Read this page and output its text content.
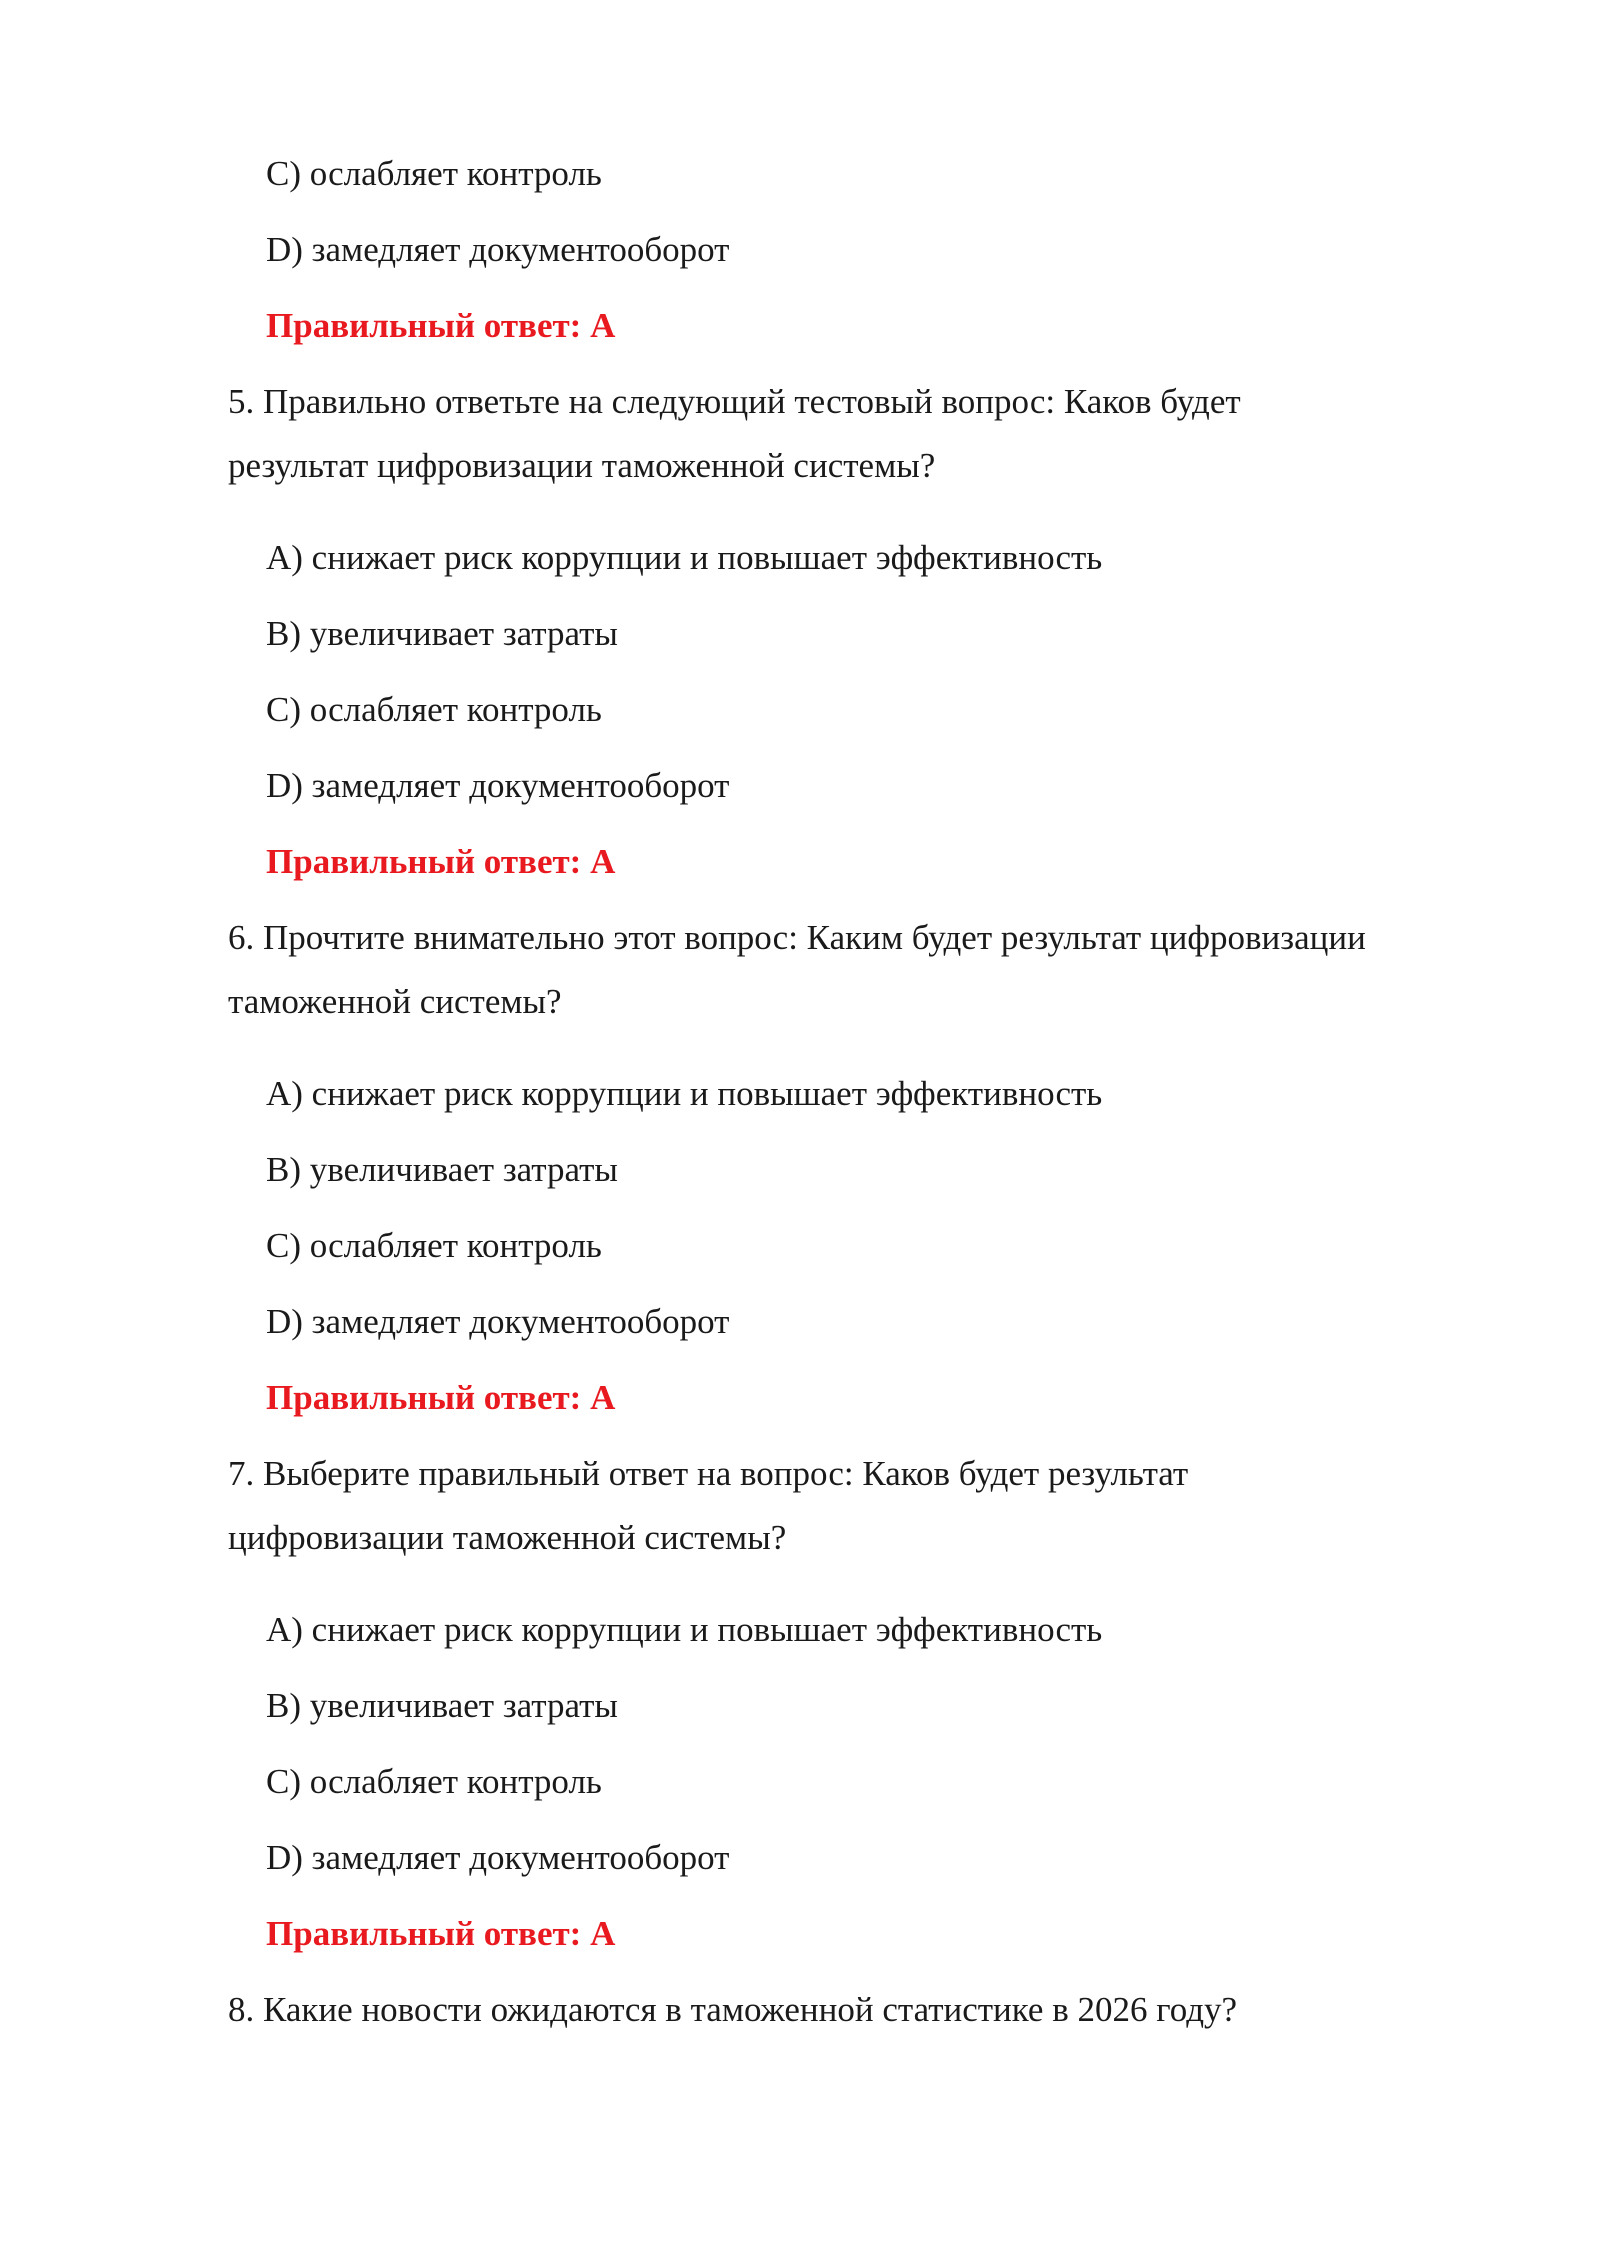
C) ослабляет контроль
D) замедляет документооборот
Правильный ответ: A
5. Правильно ответьте на следующий тестовый вопрос: Каков будет
результат цифровизации таможенной системы?
A) снижает риск коррупции и повышает эффективность
B) увеличивает затраты
C) ослабляет контроль
D) замедляет документооборот
Правильный ответ: A
6. Прочтите внимательно этот вопрос: Каким будет результат цифровизации
таможенной системы?
A) снижает риск коррупции и повышает эффективность
B) увеличивает затраты
C) ослабляет контроль
D) замедляет документооборот
Правильный ответ: A
7. Выберите правильный ответ на вопрос: Каков будет результат
цифровизации таможенной системы?
A) снижает риск коррупции и повышает эффективность
B) увеличивает затраты
C) ослабляет контроль
D) замедляет документооборот
Правильный ответ: A
8. Какие новости ожидаются в таможенной статистике в 2026 году?
